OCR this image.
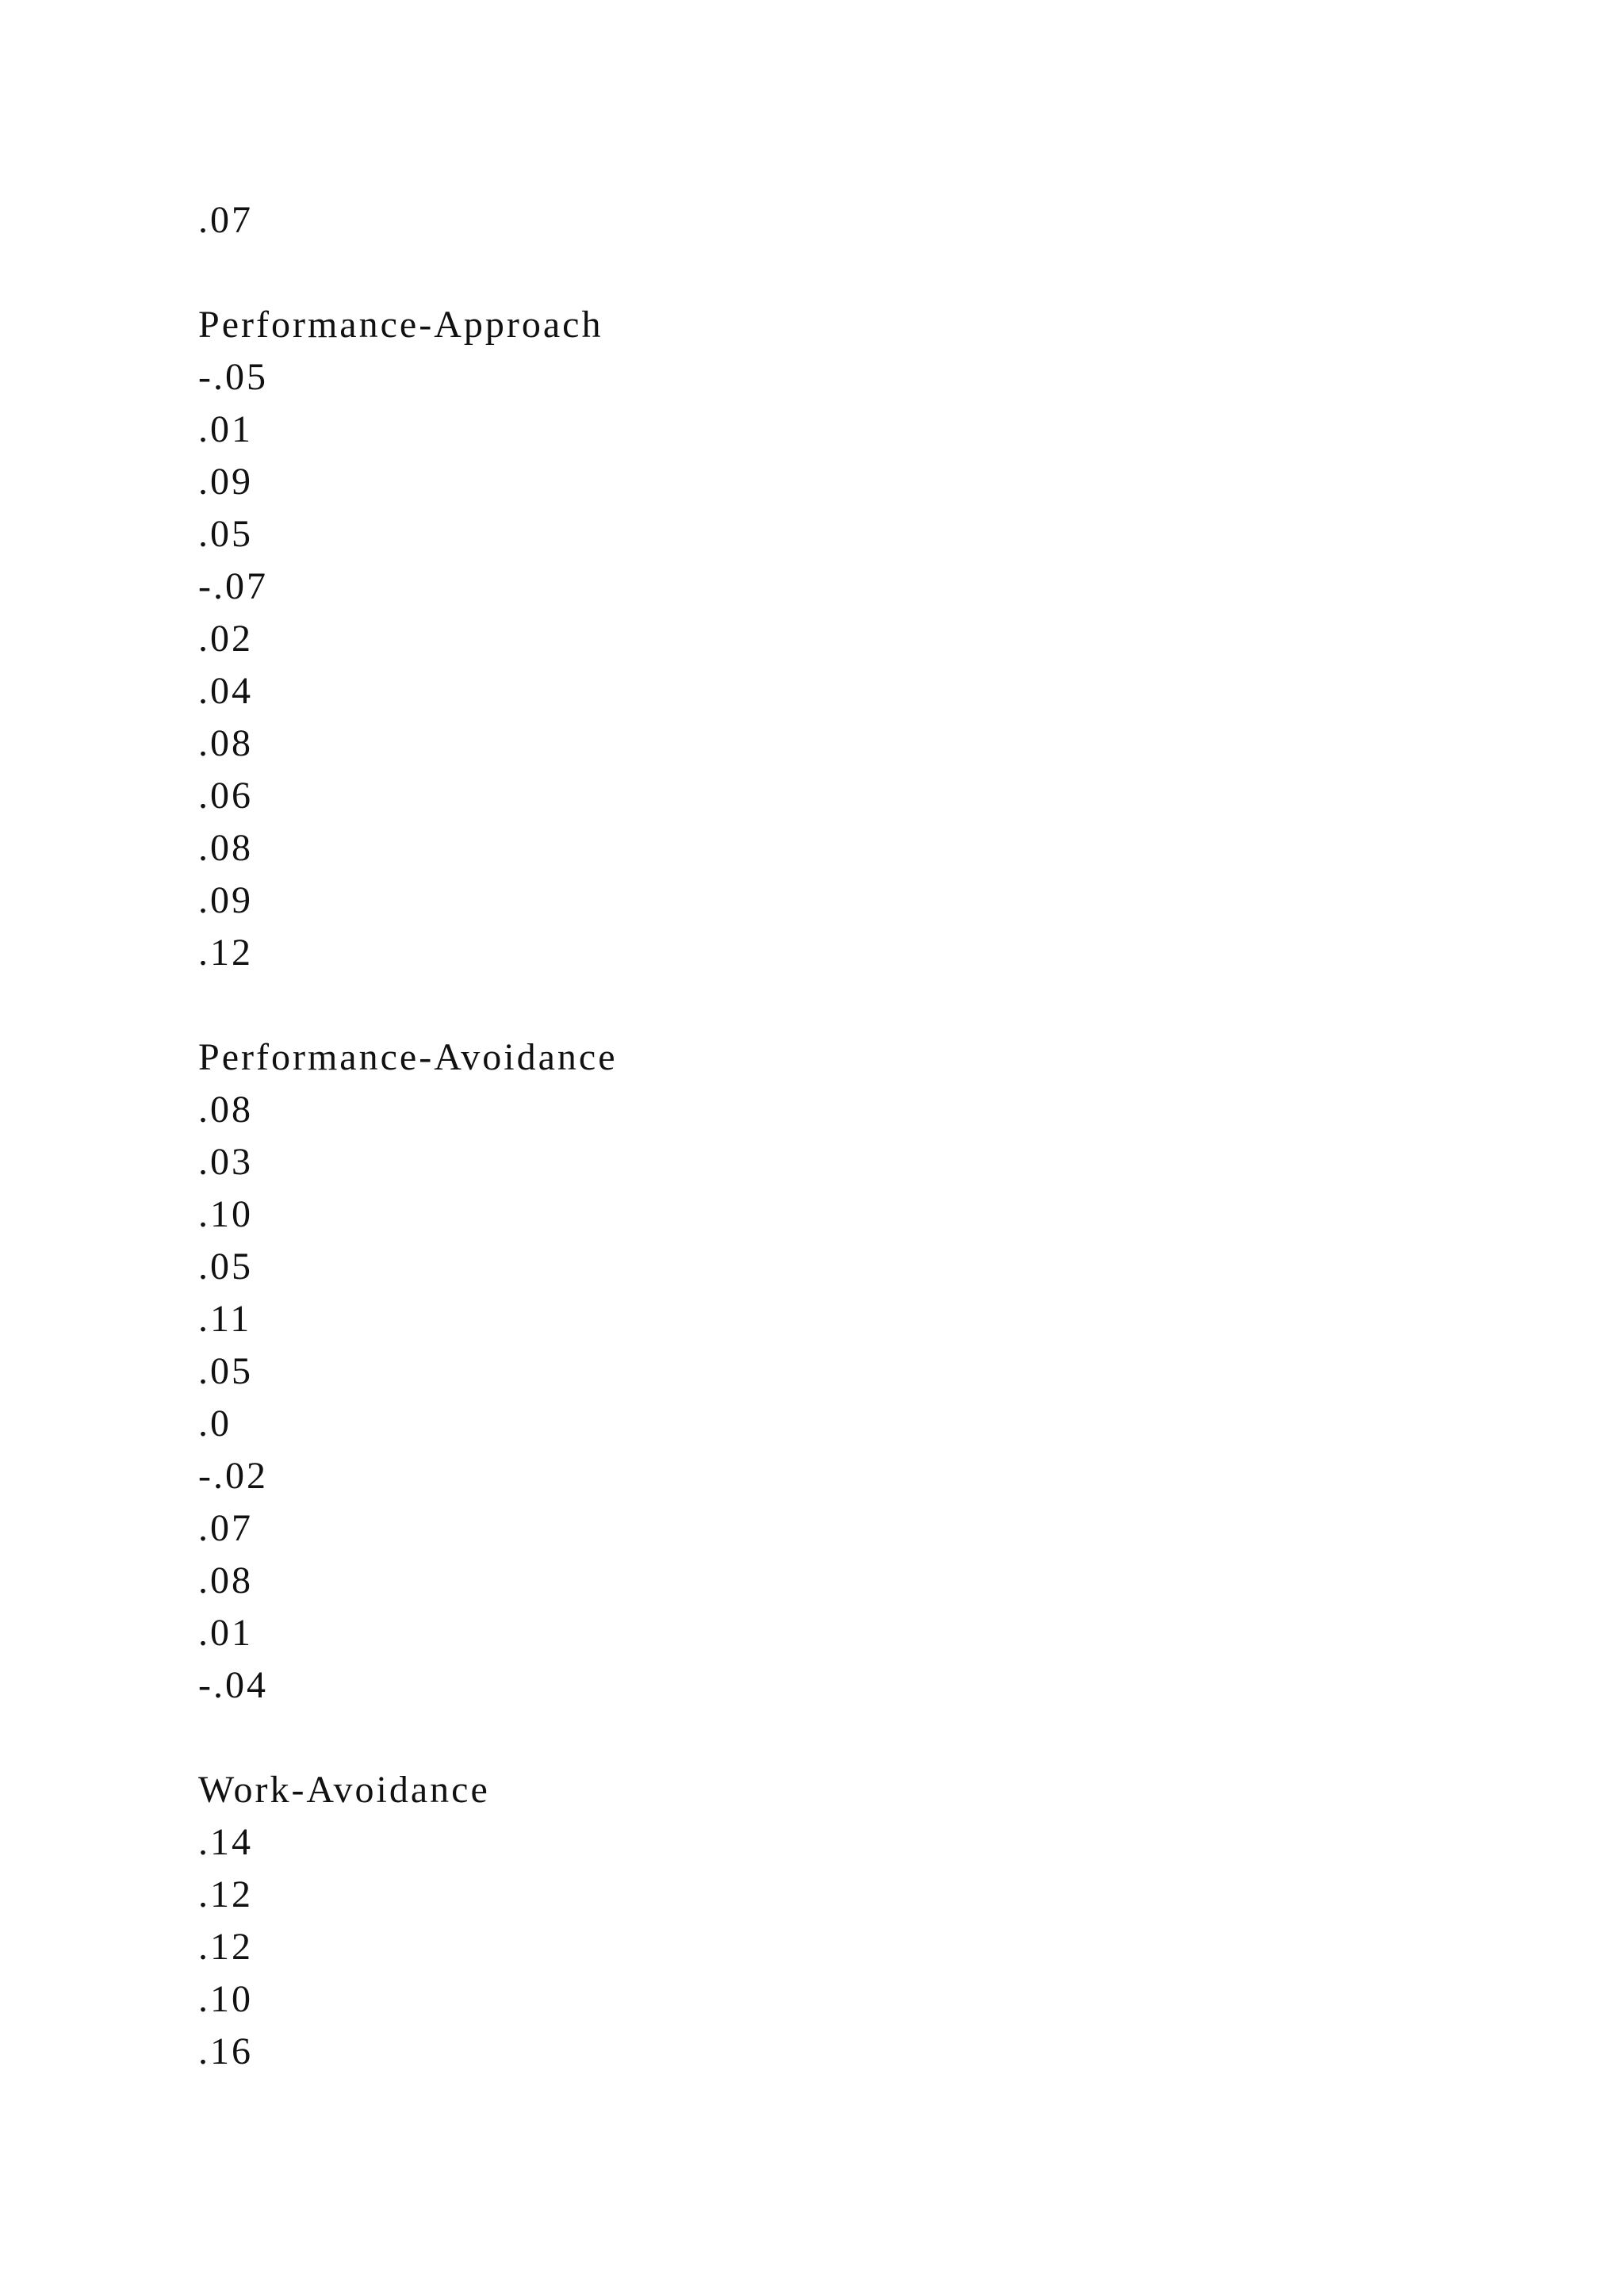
.07
Performance-Approach
-.05
.01
.09
.05
-.07
.02
.04
.08
.06
.08
.09
.12
Performance-Avoidance
.08
.03
.10
.05
.11
.05
.0
-.02
.07
.08
.01
-.04
Work-Avoidance
.14
.12
.12
.10
.16
